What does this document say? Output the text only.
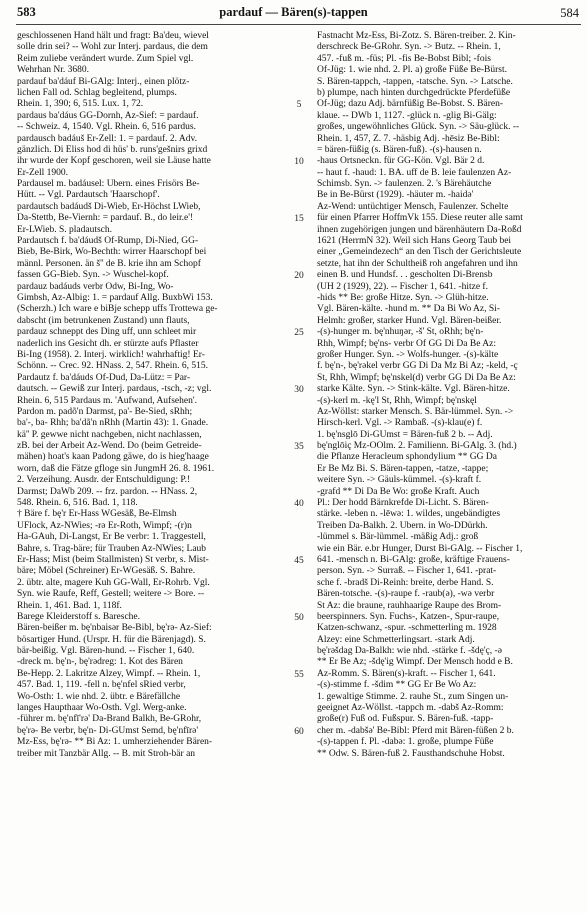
583	pardauf — Bären(s)-tappen	584
geschlossenen Hand hält und fragt: Ba'deu, wievel
solle drin sei? -- Wohl zur Interj. pardaus, die dem
Reim zuliebe verändert wurde. Zum Spiel vgl.
Wehrhan Nr. 3680.
pardauf ba'dáuf Bi-GAlg: Interj., einen plötz-
lichen Fall od. Schlag begleitend, plumps.
Rhein. 1, 390; 6, 515. Lux. 1, 72.
pardaus ba'dáus GG-Dornh, Az-Sief: = pardauf.
-- Schweiz. 4, 1540. Vgl. Rhein. 6, 516 pardus.
pardausch badáuš Er-Zell: 1. = pardauf. 2. Adv.
gänzlich. Di Êliss hod di hüs' b. runs'gešnirs grixd
ihr wurde der Kopf geschoren, weil sie Läuse hatte
Er-Zell 1900.
Pardausel m. badáusel: Übern. eines Frisörs Be-
Hütt. -- Vgl. Pardautsch 'Haarschopf'.
pardautsch badáudš Di-Wieb, Er-Höchst LWieb,
Da-Stettb, Be-Viernh: = pardauf. B., do leir.e'!
Er-LWieb. S. pladautsch.
Pardautsch f. ba'dáudš Of-Rump, Di-Nied, GG-
Bieb, Be-Birk, Wo-Bechth: wirrer Haarschopf bei
männl. Personen. än š'' de B. krie ihn am Schopf
fassen GG-Bieb. Syn. -> Wuschel-kopf.
pardauz badáuds verbr Odw, Bi-Ing, Wo-
Gimbsh, Az-Albig: 1. = pardauf Allg. BuxbWi 153.
(Scherzh.) Ich ware e biBje schepp uffs Trottewa ge-
dabscht (im betrunkenen Zustand) unn flauts,
pardauz schneppt des Ding uff, unn schleet mir
naderlich ins Gesicht dh. er stürzte aufs Pflaster
Bi-Ing (1958). 2. Interj. wirklich! wahrhaftig! Er-
Schönn. -- Crec. 92. HNass. 2, 547. Rhein. 6, 515.
Pardautz f. ba'dáuds Of-Dud, Da-Lütz: = Par-
dautsch. -- Gewiß zur Interj. pardaus, -tsch, -z; vgl.
Rhein. 6, 515 Pardaus m. 'Aufwand, Aufsehen'.
Pardon m. padõ'n Darmst, pa'- Be-Sied, sRhh;
ba'-, ba- Rhh; ba'dã'n nRhh (Martin 43): 1. Gnade.
kä'' P. gewwe nicht nachgeben, nicht nachlassen,
zB. bei der Arbeit Az-Wend. Do (beim Getreide-
mähen) hoat's kaan Padong gäwe, do is hieg'haage
worn, daß die Fätze gfloge sin JungmH 26. 8. 1961.
2. Verzeihung. Ausdr. der Entschuldigung: P.!
Darmst; DaWb 209. -- frz. pardon. -- HNass. 2,
548. Rhein. 6, 516. Bad. 1, 118.
† Bäre f. bę'r Er-Hass WGesäß, Be-Elmsh
UFlock, Az-NWies; -rə Er-Roth, Wimpf; -(r)n
Ha-GAuh, Di-Langst, Er Be verbr: 1. Traggestell,
Bahre, s. Trag-bäre; für Trauben Az-NWies; Laub
Er-Hass; Mist (beim Stallmisten) St verbr, s. Mist-
bäre; Möbel (Schreiner) Er-WGesäß. S. Bahre.
2. übtr. alte, magere Kuh GG-Wall, Er-Rohrb. Vgl.
Syn. wie Raufe, Reff, Gestell; weitere -> Bore. --
Rhein. 1, 461. Bad. 1, 118f.
Barege Kleiderstoff s. Baresche.
Bären-beißer m. bę'nbaisər Be-Bibl, bę'rə- Az-Sief:
bösartiger Hund. (Urspr. H. für die Bärenjagd). S.
bär-beißig. Vgl. Bären-hund. -- Fischer 1, 640.
-dreck m. bę'n-, bę'rədreg: 1. Kot des Bären
Be-Hepp. 2. Lakritze Alzey, Wimpf. -- Rhein. 1,
457. Bad. 1, 119. -fell n. bę'nfel sRied verbr,
Wo-Osth: 1. wie nhd. 2. übtr. e Bärefällche
langes Haupthaar Wo-Osth. Vgl. Werg-anke.
-führer m. bę'nfī'rə' Da-Brand Balkh, Be-GRohr,
bę'rə- Be verbr, bę'n- Di-GUmst Semd, bę'nfīrə'
Mz-Ess, bę'rə- ** Bi Az: 1. umherziehender Bären-
treiber mit Tanzbär Allg. -- B. mit Stroh-bär an
5
10
15
20
25
30
35
40
45
50
55
60
Fastnacht Mz-Ess, Bi-Zotz. S. Bären-treiber. 2. Kin-
derschreck Be-GRohr. Syn. -> Butz. -- Rhein. 1,
457. -fuß m. -füs; Pl. -fis Be-Bobst Bibl; -fois
Of-Jüg: 1. wie nhd. 2. Pl. a) große Füße Be-Bürst.
S. Bären-tappch, -tappen, -tatsche. Syn. -> Latsche.
b) plumpe, nach hinten durchgedrückte Pferdefüße
Of-Jüg; dazu Adj. bärnfüßig Be-Bobst. S. Bären-
klaue. -- DWb 1, 1127. -glück n. -glig Bi-Gälg:
großes, ungewöhnliches Glück. Syn. -> Säu-glück. --
Rhein. 1, 457, Z. 7. -häsbig Adj. -hēsiz Be-Bibl:
= bären-füßig (s. Bären-fuß). -(s)-hausen n.
-haus Ortsneckn. für GG-Kön. Vgl. Bär 2 d.
-- haut f. -haud: 1. BA. uff de B. leie faulenzen Az-
Schimsb. Syn. -> faulenzen. 2. 's Bärehäutche
Be in Be-Bürst (1929). -häuter m. -haidə'
Az-Wend: untüchtiger Mensch, Faulenzer. Schelte
für einen Pfarrer HoffmVk 155. Diese reuter alle samt
ihnen zugehörigen jungen und bärenhäutern Da-Roßd
1621 (HerrmN 32). Weil sich Hans Georg Taub bei
einer „Gemeindezech“ an den Tisch der Gerichtsleute
setzte, hat ihn der Schultheiß roh angefahren und ihn
einen B. und Hundsf. . . gescholten Di-Brensb
(UH 2 (1929), 22). -- Fischer 1, 641. -hitze f.
-hids ** Be: große Hitze. Syn. -> Glüh-hitze.
Vgl. Bären-kälte. -hund m. ** Da Bi Wo Az, Si-
Helmh: großer, starker Hund. Vgl. Bären-beißer.
-(s)-hunger m. bę'nhuŋər, -š' St, oRhh; bę'n-
Rhh, Wimpf; bę'ns- verbr Of GG Di Da Be Az:
großer Hunger. Syn. -> Wolfs-hunger. -(s)-kälte
f. bę'n-, bę'rəkel verbr GG Di Da Mz Bi Az; -keld, -ç
St, Rhh, Wimpf; bę'nskel(d) verbr GG Di Da Be Az:
starke Kälte. Syn. -> Stink-kälte. Vgl. Bären-hitze.
-(s)-kerl m. -kę'l St, Rhh, Wimpf; bę'nskęl
Az-Wöllst: starker Mensch. S. Bär-lümmel. Syn. ->
Hirsch-kerl. Vgl. -> Rambaß. -(s)-klau(e) f.
1. bę'nsglō Di-GUmst = Bären-fuß 2 b. -- Adj.
bę'nglōiç Mz-OOlm. 2. Familienn. Bi-GAlg. 3. (hd.)
die Pflanze Heracleum sphondylium ** GG Da
Er Be Mz Bi. S. Bären-tappen, -tatze, -tappe;
weitere Syn. -> Gäuls-kümmel. -(s)-kraft f.
-grafd ** Di Da Be Wo: große Kraft. Auch
Pl.: Der hodd Bärnkrefde Di-Licht. S. Bären-
stärke. -leben n. -lēwə: 1. wildes, ungebändigtes
Treiben Da-Balkh. 2. Übern. in Wo-DDürkh.
-lümmel s. Bär-lümmel. -mäßig Adj.: groß
wie ein Bär. e.br Hunger, Durst Bi-GAlg. -- Fischer 1,
641. -mensch n. Bi-GAlg: große, kräftige Frauens-
person. Syn. -> Surraß. -- Fischer 1, 641. -prat-
sche f. -bradš Di-Reinh: breite, derbe Hand. S.
Bären-totsche. -(s)-raupe f. -raub(ə), -wə verbr
St Az: die braune, rauhhaarige Raupe des Brom-
beerspinners. Syn. Fuchs-, Katzen-, Spur-raupe,
Katzen-schwanz, -spur. -schmetterling m. 1928
Alzey: eine Schmetterlingsart. -stark Adj.
bę'rəšdag Da-Balkh: wie nhd. -stärke f. -šdę'ç, -ə
** Er Be Az; -šdę'ig Wimpf. Der Mensch hodd e B.
Az-Romm. S. Bären(s)-kraft. -- Fischer 1, 641.
-(s)-stimme f. -šdim ** GG Er Be Wo Az:
1. gewaltige Stimme. 2. rauhe St., zum Singen un-
geeignet Az-Wöllst. -tappch m. -dabš Az-Romm:
große(r) Fuß od. Fußspur. S. Bären-fuß. -tapp-
cher m. -dabšə' Be-Bibl: Pferd mit Bären-füßen 2 b.
-(s)-tappen f. Pl. -dabə: 1. große, plumpe Füße
** Odw. S. Bären-fuß 2. Fausthandschuhe Hobst.
